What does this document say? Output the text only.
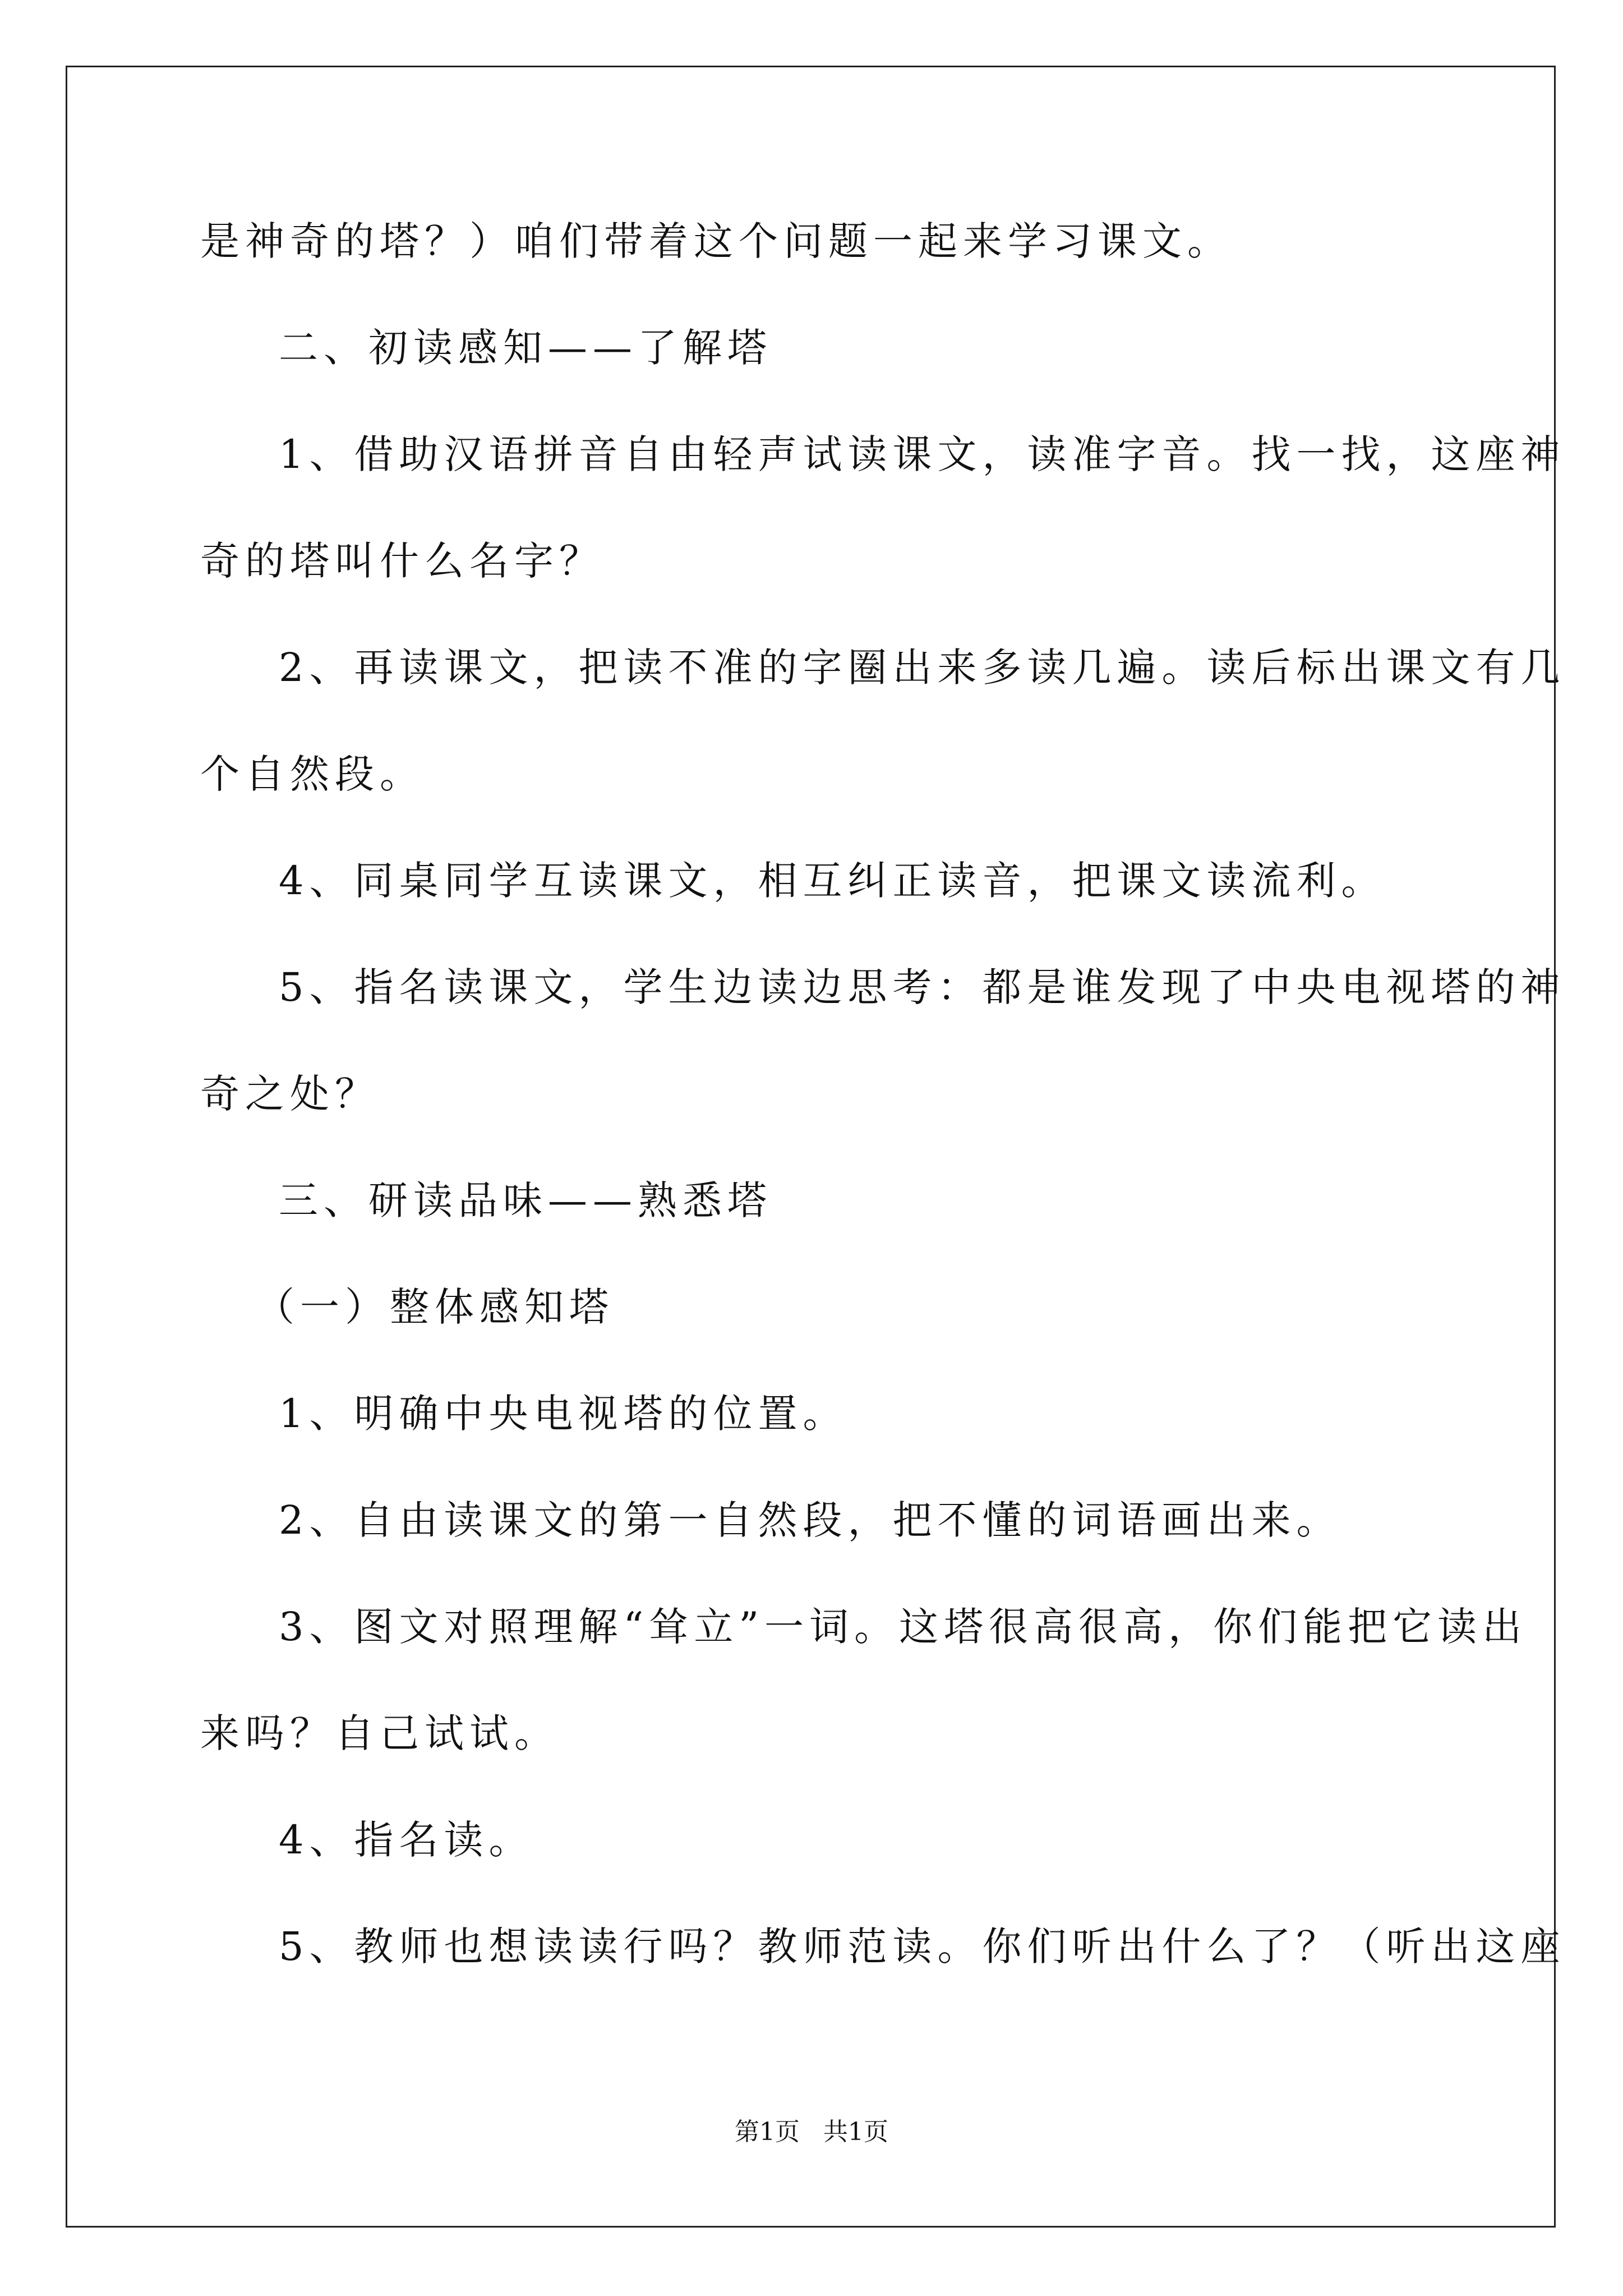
是神奇的塔？）咱们带着这个问题一起来学习课文。
二、初读感知——了解塔
1、借助汉语拼音自由轻声试读课文，读准字音。找一找，这座神
奇的塔叫什么名字？
2、再读课文，把读不准的字圈出来多读几遍。读后标出课文有几
个自然段。
4、同桌同学互读课文，相互纠正读音，把课文读流利。
5、指名读课文，学生边读边思考：都是谁发现了中央电视塔的神
奇之处？
三、研读品味——熟悉塔
（一）整体感知塔
1、明确中央电视塔的位置。
2、自由读课文的第一自然段，把不懂的词语画出来。
3、图文对照理解“耸立”一词。这塔很高很高，你们能把它读出
来吗？自己试试。
4、指名读。
5、教师也想读读行吗？教师范读。你们听出什么了？（听出这座
第1页   共1页
